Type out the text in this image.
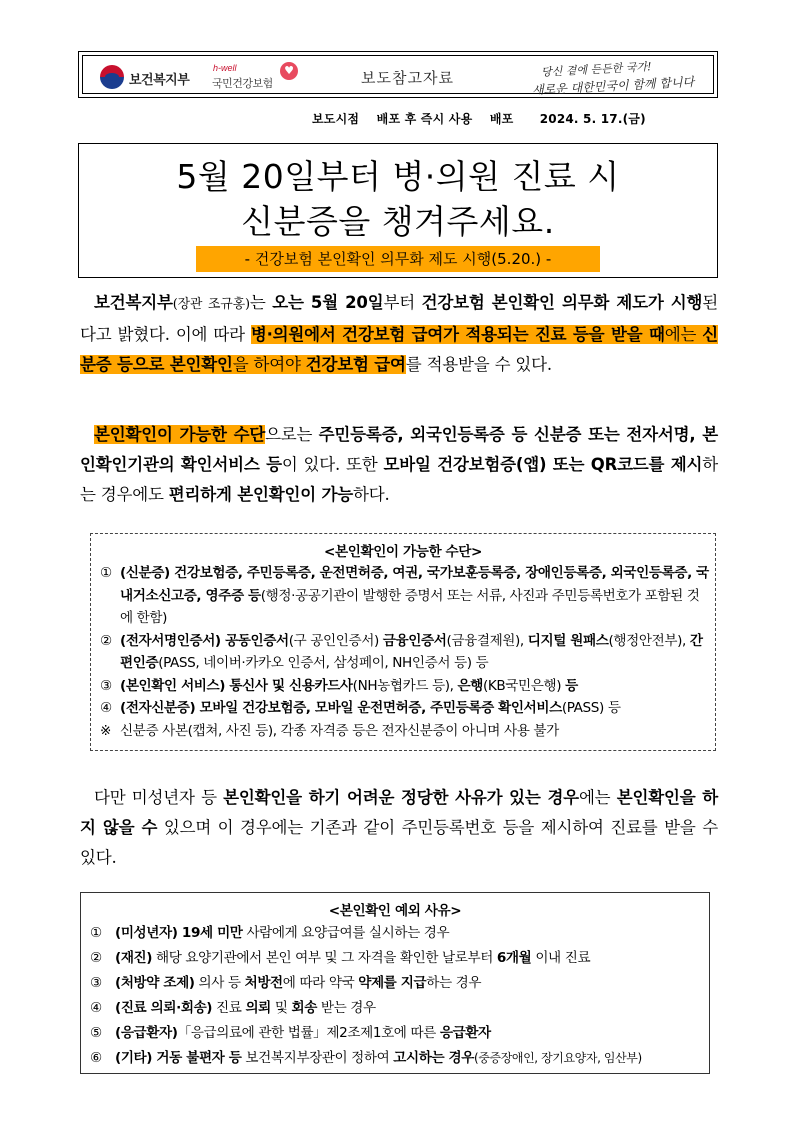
보건복지부
h-well
국민건강보험
♥	보도참고자료	당신 곁에 든든한 국가!
새로운 대한민국이 함께 합니다
보도시점    배포 후 즉시 사용    배포      2024. 5. 17.(금)
5월 20일부터 병·의원 진료 시
신분증을 챙겨주세요.
- 건강보험 본인확인 의무화 제도 시행(5.20.) -
보건복지부(장관 조규홍)는 오는 5월 20일부터 건강보험 본인확인 의무화 제도가 시행된다고 밝혔다. 이에 따라 병·의원에서 건강보험 급여가 적용되는 진료 등을 받을 때에는 신분증 등으로 본인확인을 하여야 건강보험 급여를 적용받을 수 있다.
본인확인이 가능한 수단으로는 주민등록증, 외국인등록증 등 신분증 또는 전자서명, 본인확인기관의 확인서비스 등이 있다. 또한 모바일 건강보험증(앱) 또는 QR코드를 제시하는 경우에도 편리하게 본인확인이 가능하다.
<본인확인이 가능한 수단>
① (신분증) 건강보험증, 주민등록증, 운전면허증, 여권, 국가보훈등록증, 장애인등록증, 외국인등록증, 국내거소신고증, 영주증 등(행정·공공기관이 발행한 증명서 또는 서류, 사진과 주민등록번호가 포함된 것에 한함)
② (전자서명인증서) 공동인증서(구 공인인증서) 금융인증서(금융결제원), 디지털 원패스(행정안전부), 간편인증(PASS, 네이버·카카오 인증서, 삼성페이, NH인증서 등) 등
③ (본인확인 서비스) 통신사 및 신용카드사(NH농협카드 등), 은행(KB국민은행) 등
④ (전자신분증) 모바일 건강보험증, 모바일 운전면허증, 주민등록증 확인서비스(PASS) 등
※ 신분증 사본(캡쳐, 사진 등), 각종 자격증 등은 전자신분증이 아니며 사용 불가
다만 미성년자 등 본인확인을 하기 어려운 정당한 사유가 있는 경우에는 본인확인을 하지 않을 수 있으며 이 경우에는 기존과 같이 주민등록번호 등을 제시하여 진료를 받을 수 있다.
<본인확인 예외 사유>
① (미성년자) 19세 미만 사람에게 요양급여를 실시하는 경우
② (재진) 해당 요양기관에서 본인 여부 및 그 자격을 확인한 날로부터 6개월 이내 진료
③ (처방약 조제) 의사 등 처방전에 따라 약국 약제를 지급하는 경우
④ (진료 의뢰·회송) 진료 의뢰 및 회송 받는 경우
⑤ (응급환자)「응급의료에 관한 법률」제2조제1호에 따른 응급환자
⑥ (기타) 거동 불편자 등 보건복지부장관이 정하여 고시하는 경우(중증장애인, 장기요양자, 임산부)
